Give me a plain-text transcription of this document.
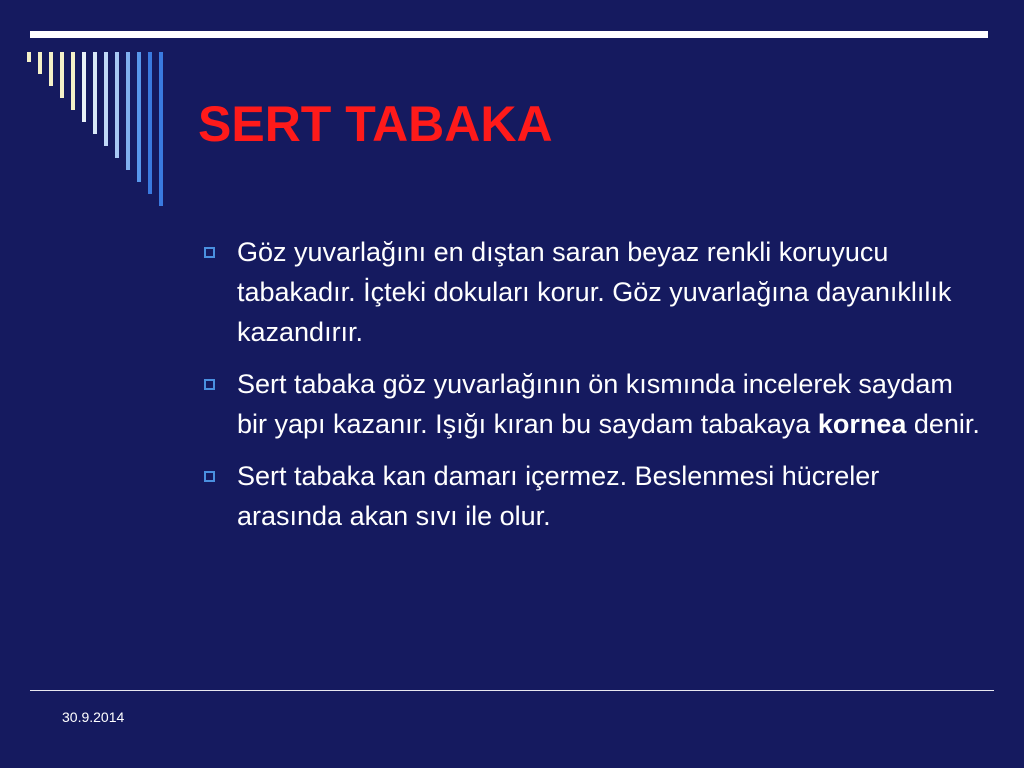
SERT TABAKA
Göz yuvarlağını en dıştan saran beyaz renkli koruyucu tabakadır. İçteki dokuları korur. Göz yuvarlağına dayanıklılık kazandırır.
Sert tabaka göz yuvarlağının ön kısmında incelerek saydam bir yapı kazanır. Işığı kıran bu saydam tabakaya kornea denir.
Sert tabaka kan damarı içermez. Beslenmesi hücreler arasında akan sıvı ile olur.
30.9.2014
